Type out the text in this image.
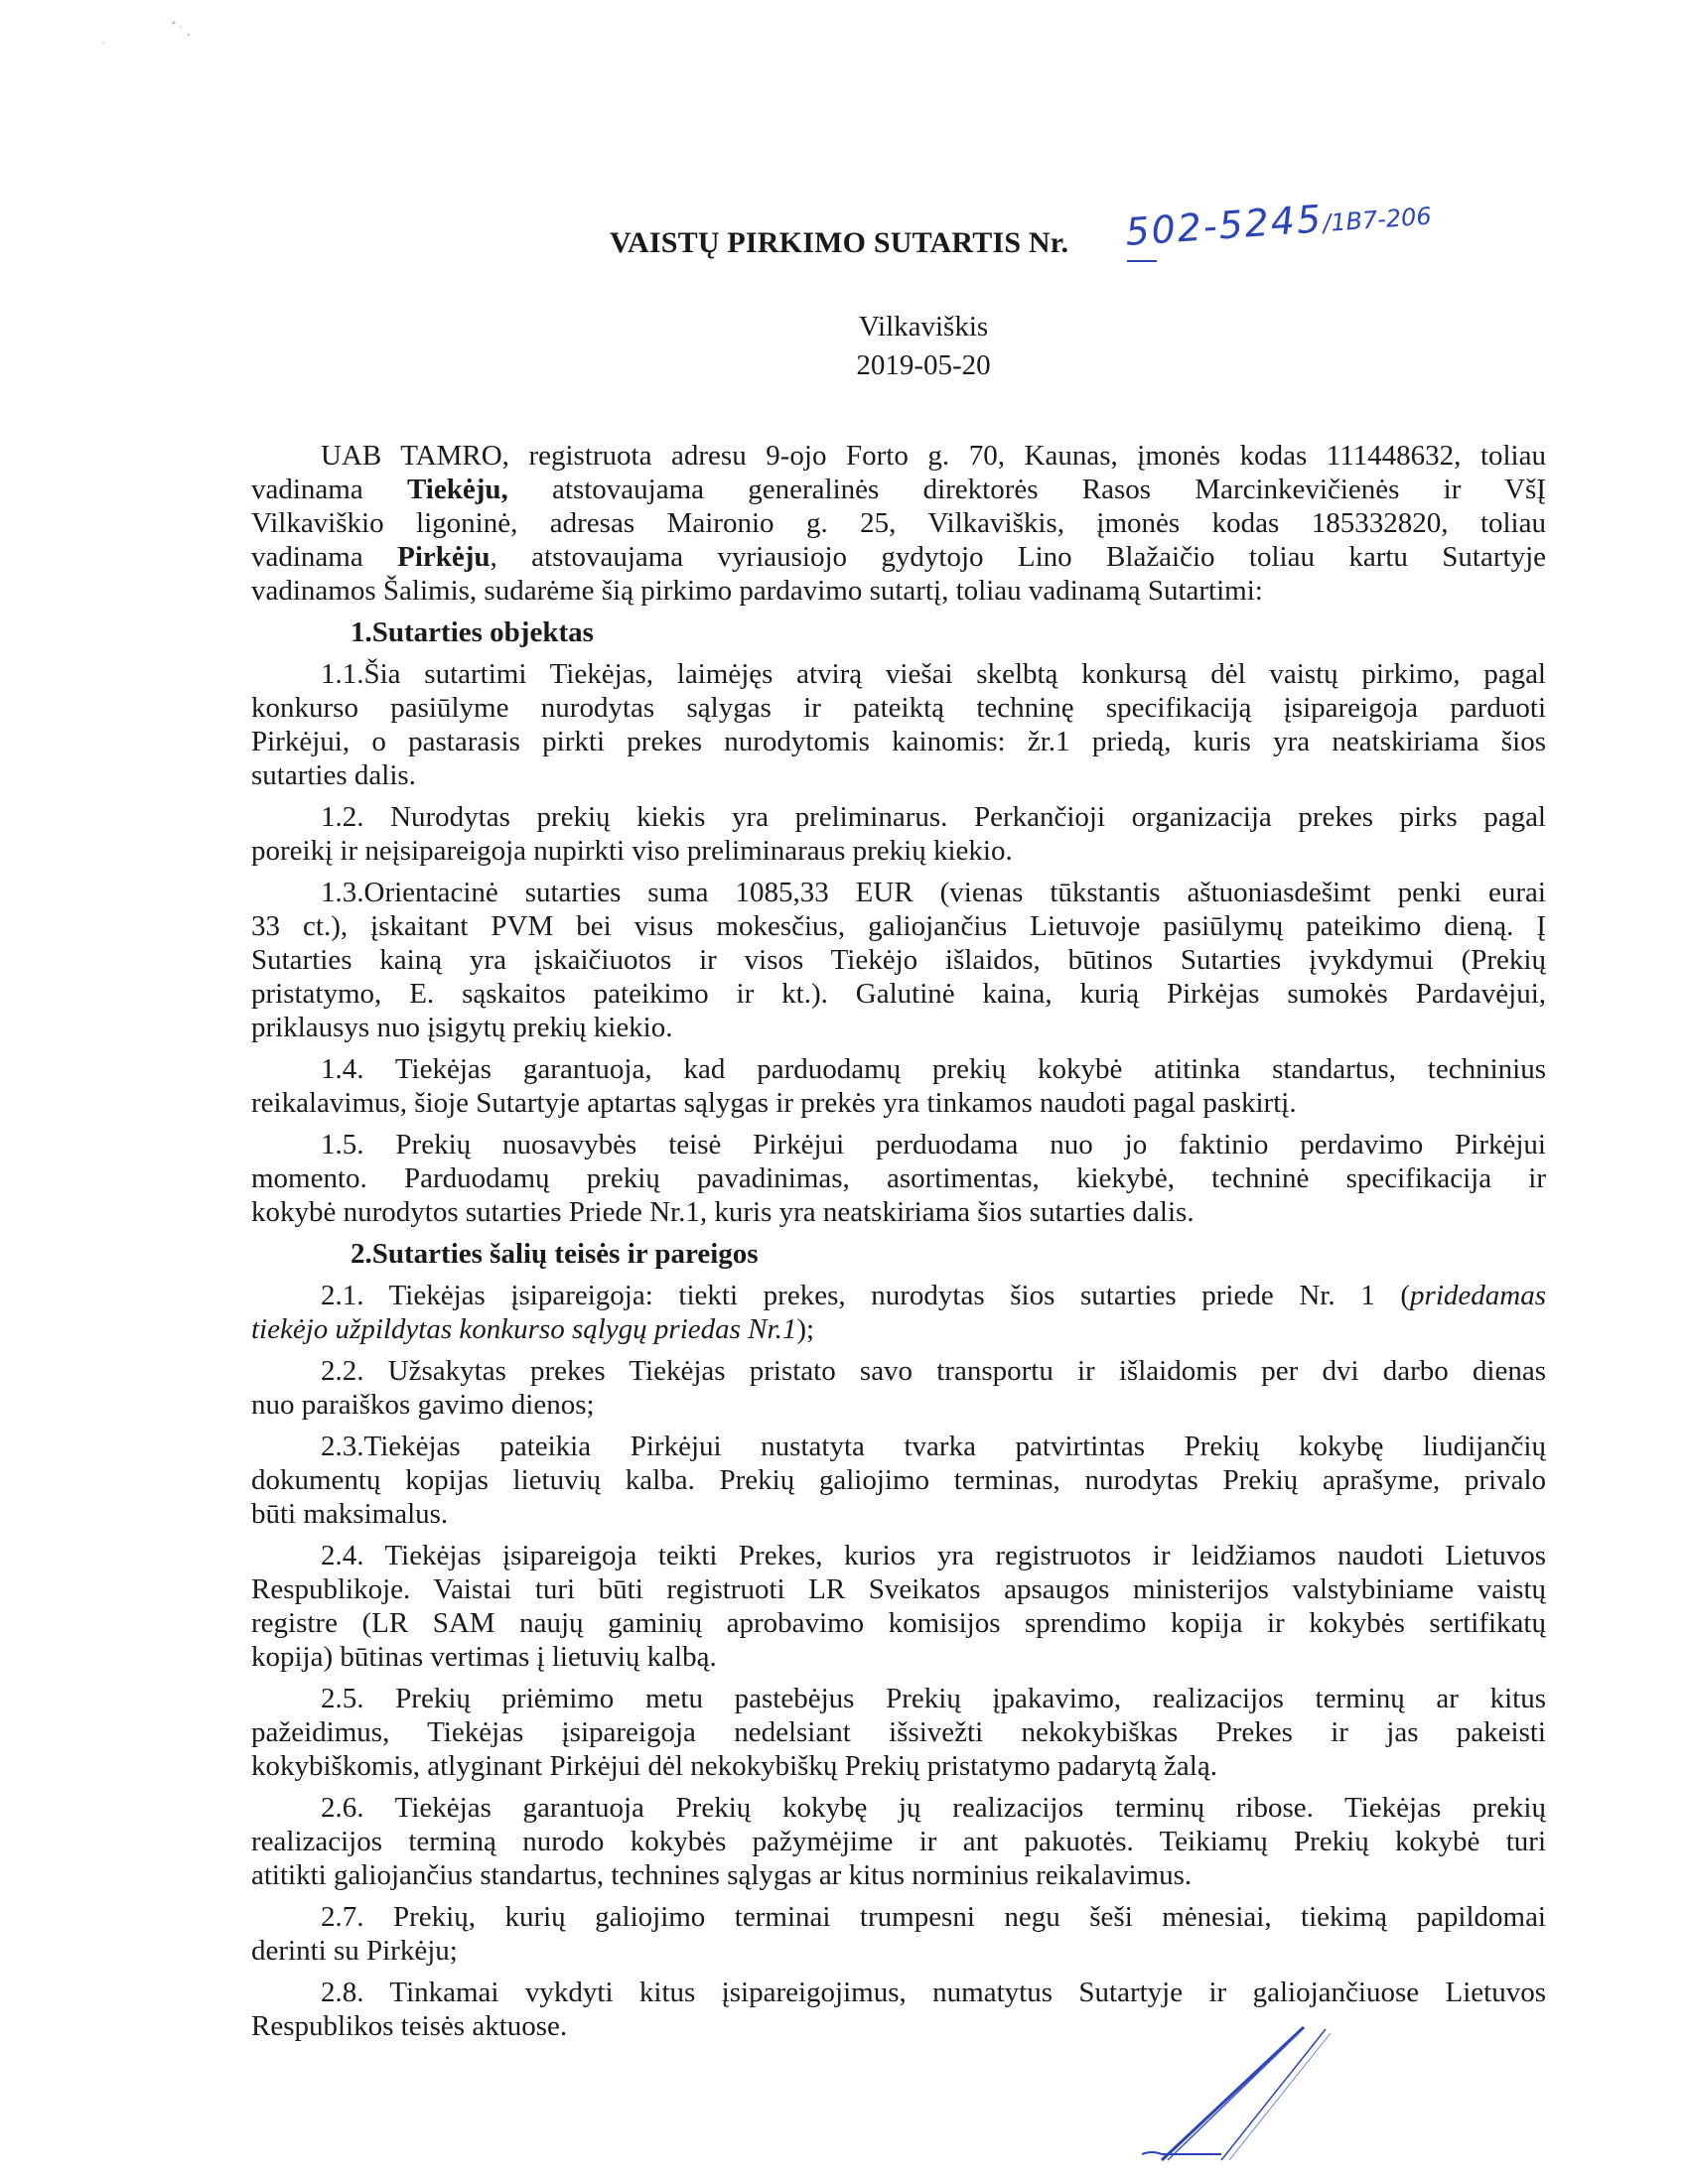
VAISTŲ PIRKIMO SUTARTIS Nr. 502-5245/1B7-206
Vilkaviškis
2019-05-20
UAB TAMRO, registruota adresu 9-ojo Forto g. 70, Kaunas, įmonės kodas 111448632, toliau
vadinama Tiekėju, atstovaujama generalinės direktorės Rasos Marcinkevičienės ir VšĮ
Vilkaviškio ligoninė, adresas Maironio g. 25, Vilkaviškis, įmonės kodas 185332820, toliau
vadinama Pirkėju, atstovaujama vyriausiojo gydytojo Lino Blažaičio toliau kartu Sutartyje
vadinamos Šalimis, sudarėme šią pirkimo pardavimo sutartį, toliau vadinamą Sutartimi:
1.Sutarties objektas
1.1.Šia sutartimi Tiekėjas, laimėjęs atvirą viešai skelbtą konkursą dėl vaistų pirkimo, pagal
konkurso pasiūlyme nurodytas sąlygas ir pateiktą techninę specifikaciją įsipareigoja parduoti
Pirkėjui, o pastarasis pirkti prekes nurodytomis kainomis: žr.1 priedą, kuris yra neatskiriama šios
sutarties dalis.
1.2. Nurodytas prekių kiekis yra preliminarus. Perkančioji organizacija prekes pirks pagal
poreikį ir neįsipareigoja nupirkti viso preliminaraus prekių kiekio.
1.3.Orientacinė sutarties suma 1085,33 EUR (vienas tūkstantis aštuoniasdešimt penki eurai
33 ct.), įskaitant PVM bei visus mokesčius, galiojančius Lietuvoje pasiūlymų pateikimo dieną. Į
Sutarties kainą yra įskaičiuotos ir visos Tiekėjo išlaidos, būtinos Sutarties įvykdymui (Prekių
pristatymo, E. sąskaitos pateikimo ir kt.). Galutinė kaina, kurią Pirkėjas sumokės Pardavėjui,
priklausys nuo įsigytų prekių kiekio.
1.4. Tiekėjas garantuoja, kad parduodamų prekių kokybė atitinka standartus, techninius
reikalavimus, šioje Sutartyje aptartas sąlygas ir prekės yra tinkamos naudoti pagal paskirtį.
1.5. Prekių nuosavybės teisė Pirkėjui perduodama nuo jo faktinio perdavimo Pirkėjui
momento. Parduodamų prekių pavadinimas, asortimentas, kiekybė, techninė specifikacija ir
kokybė nurodytos sutarties Priede Nr.1, kuris yra neatskiriama šios sutarties dalis.
2.Sutarties šalių teisės ir pareigos
2.1. Tiekėjas įsipareigoja: tiekti prekes, nurodytas šios sutarties priede Nr. 1 (pridedamas
tiekėjo užpildytas konkurso sąlygų priedas Nr.1);
2.2. Užsakytas prekes Tiekėjas pristato savo transportu ir išlaidomis per dvi darbo dienas
nuo paraiškos gavimo dienos;
2.3.Tiekėjas pateikia Pirkėjui nustatyta tvarka patvirtintas Prekių kokybę liudijančių
dokumentų kopijas lietuvių kalba. Prekių galiojimo terminas, nurodytas Prekių aprašyme, privalo
būti maksimalus.
2.4. Tiekėjas įsipareigoja teikti Prekes, kurios yra registruotos ir leidžiamos naudoti Lietuvos
Respublikoje. Vaistai turi būti registruoti LR Sveikatos apsaugos ministerijos valstybiniame vaistų
registre (LR SAM naujų gaminių aprobavimo komisijos sprendimo kopija ir kokybės sertifikatų
kopija) būtinas vertimas į lietuvių kalbą.
2.5. Prekių priėmimo metu pastebėjus Prekių įpakavimo, realizacijos terminų ar kitus
pažeidimus, Tiekėjas įsipareigoja nedelsiant išsivežti nekokybiškas Prekes ir jas pakeisti
kokybiškomis, atlyginant Pirkėjui dėl nekokybiškų Prekių pristatymo padarytą žalą.
2.6. Tiekėjas garantuoja Prekių kokybę jų realizacijos terminų ribose. Tiekėjas prekių
realizacijos terminą nurodo kokybės pažymėjime ir ant pakuotės. Teikiamų Prekių kokybė turi
atitikti galiojančius standartus, technines sąlygas ar kitus norminius reikalavimus.
2.7. Prekių, kurių galiojimo terminai trumpesni negu šeši mėnesiai, tiekimą papildomai
derinti su Pirkėju;
2.8. Tinkamai vykdyti kitus įsipareigojimus, numatytus Sutartyje ir galiojančiuose Lietuvos
Respublikos teisės aktuose.
